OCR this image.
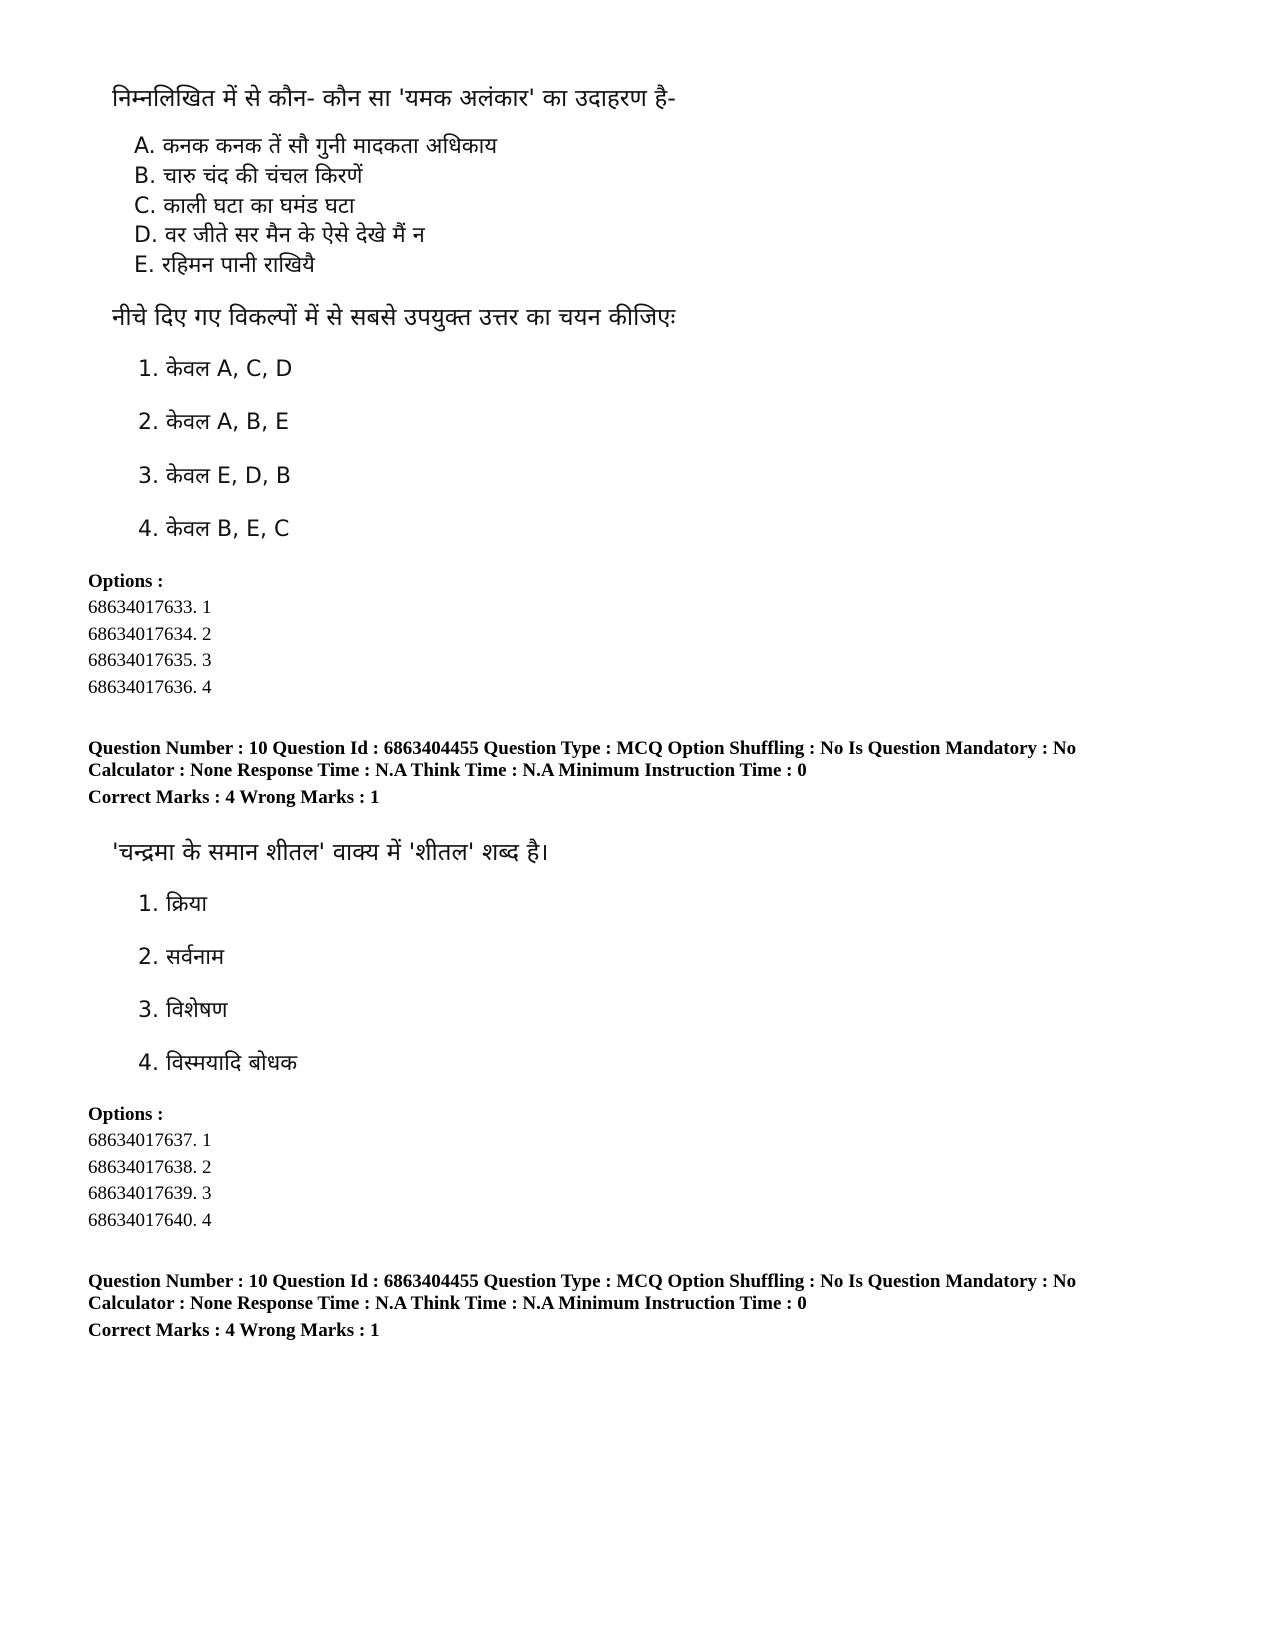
निम्नलिखित में से कौन- कौन सा 'यमक अलंकार' का उदाहरण है-
A. कनक कनक तें सौ गुनी मादकता अधिकाय
B. चारु चंद की चंचल किरणें
C. काली घटा का घमंड घटा
D. वर जीते सर मैन के ऐसे देखे मैं न
E. रहिमन पानी राखियै
नीचे दिए गए विकल्पों में से सबसे उपयुक्त उत्तर का चयन कीजिएः
1. केवल A, C, D
2. केवल A, B, E
3. केवल E, D, B
4. केवल B, E, C
Options :
68634017633. 1
68634017634. 2
68634017635. 3
68634017636. 4
Question Number : 10 Question Id : 6863404455 Question Type : MCQ Option Shuffling : No Is Question Mandatory : No
Calculator : None Response Time : N.A Think Time : N.A Minimum Instruction Time : 0
Correct Marks : 4 Wrong Marks : 1
'चन्द्रमा के समान शीतल' वाक्य में 'शीतल' शब्द है।
1. क्रिया
2. सर्वनाम
3. विशेषण
4. विस्मयादि बोधक
Options :
68634017637. 1
68634017638. 2
68634017639. 3
68634017640. 4
Question Number : 10 Question Id : 6863404455 Question Type : MCQ Option Shuffling : No Is Question Mandatory : No
Calculator : None Response Time : N.A Think Time : N.A Minimum Instruction Time : 0
Correct Marks : 4 Wrong Marks : 1
